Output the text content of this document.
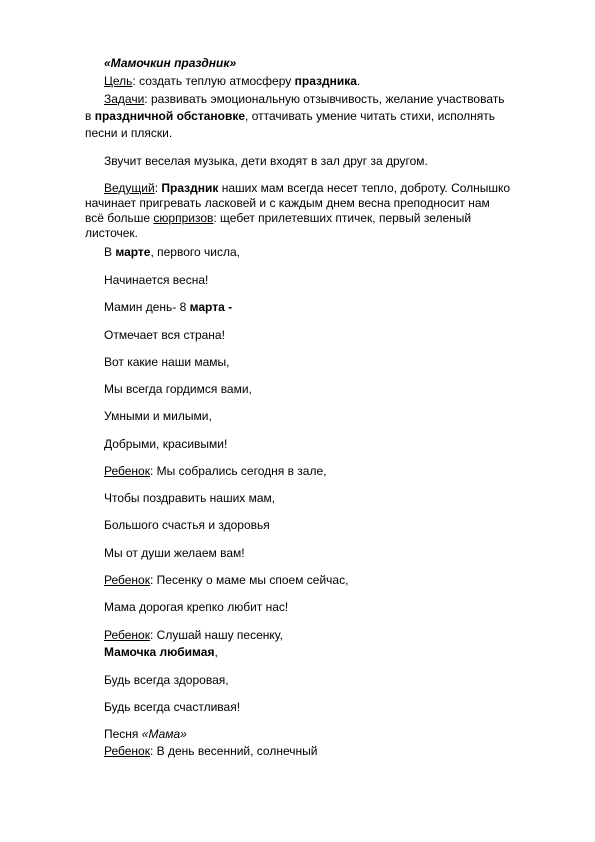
«Мамочкин праздник»

Цель: создать теплую атмосферу праздника.

Задачи: развивать эмоциональную отзывчивость, желание участвовать

в праздничной обстановке, оттачивать умение читать стихи, исполнять

песни и пляски.

Звучит веселая музыка, дети входят в зал друг за другом.

Ведущий: Праздник наших мам всегда несет тепло, доброту. Солнышко

начинает пригревать ласковей и с каждым днем весна преподносит нам

всё больше сюрпризов: щебет прилетевших птичек, первый зеленый

листочек.

В марте, первого числа,

Начинается весна!

Мамин день- 8 марта -

Отмечает вся страна!

Вот какие наши мамы,

Мы всегда гордимся вами,

Умными и милыми,

Добрыми, красивыми!

Ребенок: Мы собрались сегодня в зале,

Чтобы поздравить наших мам,

Большого счастья и здоровья

Мы от души желаем вам!

Ребенок: Песенку о маме мы споем сейчас,

Мама дорогая крепко любит нас!

Ребенок: Слушай нашу песенку,

Мамочка любимая,

Будь всегда здоровая,

Будь всегда счастливая!

Песня «Мама»

Ребенок: В день весенний, солнечный
